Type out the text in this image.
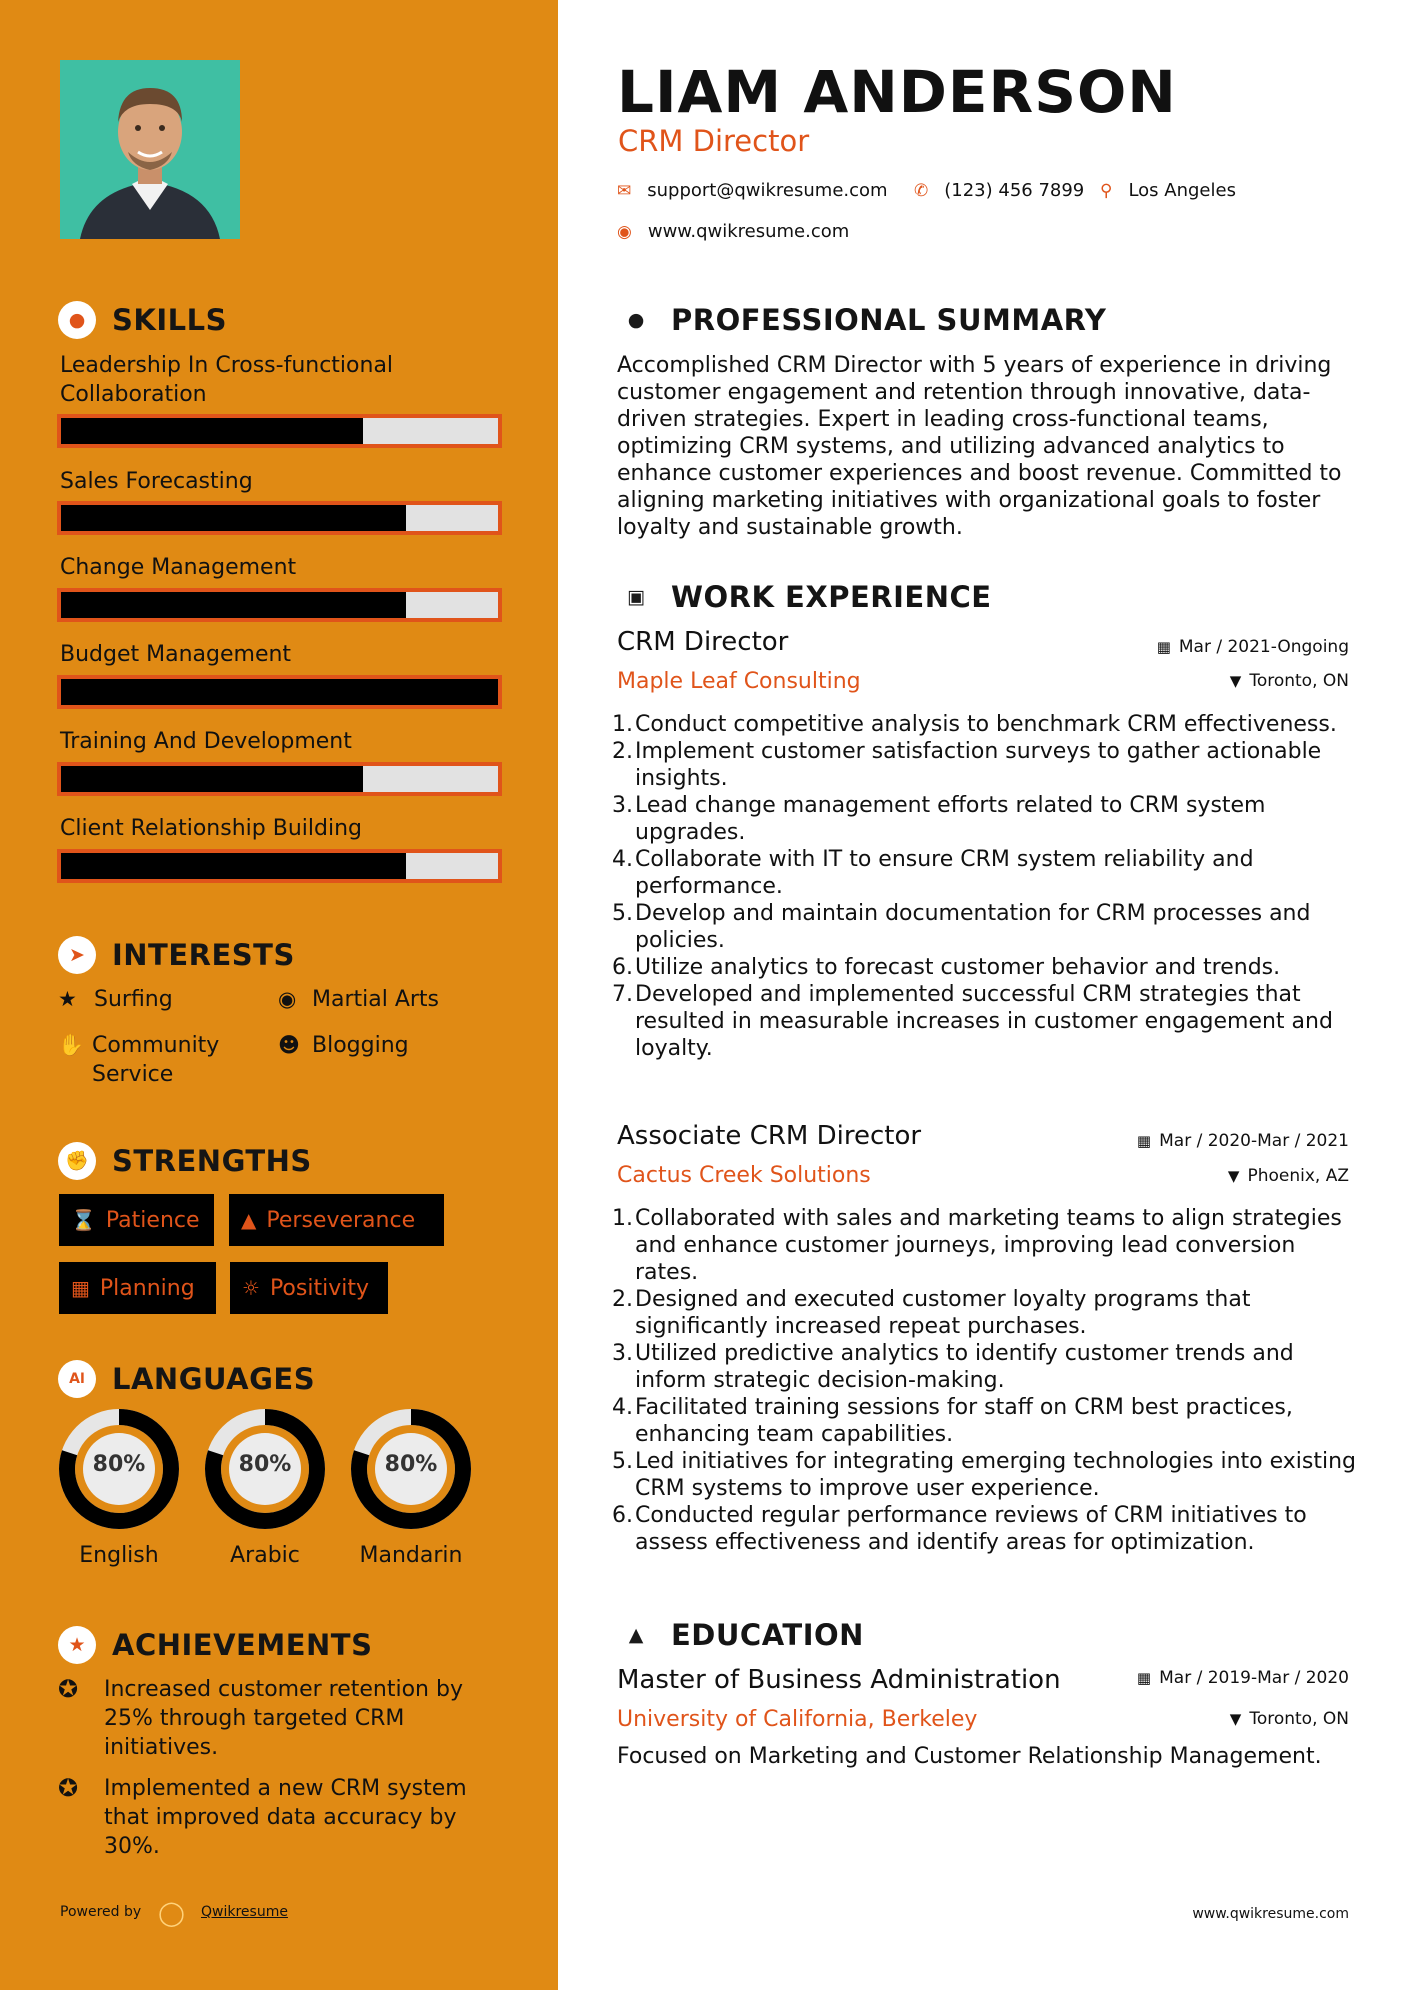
● SKILLS
Leadership In Cross-functional Collaboration
Sales Forecasting
Change Management
Budget Management
Training And Development
Client Relationship Building
➤ INTERESTS
★ Surfing	◉ Martial Arts
✋ Community Service
☻ Blogging
✊ STRENGTHS
⌛ Patience ▲ Perseverance
▦ Planning ☼ Positivity
Aا LANGUAGES
80%	80%	80%
English	Arabic	Mandarin
★ ACHIEVEMENTS
✪ Increased customer retention by 25% through targeted CRM initiatives.
✪ Implemented a new CRM system that improved data accuracy by 30%.
Powered by ◯ Qwikresume
LIAM ANDERSON
CRM Director
✉ support@qwikresume.com ✆ (123) 456 7899 ⚲ Los Angeles
◉ www.qwikresume.com
● PROFESSIONAL SUMMARY
Accomplished CRM Director with 5 years of experience in driving customer engagement and retention through innovative, data-driven strategies. Expert in leading cross-functional teams, optimizing CRM systems, and utilizing advanced analytics to enhance customer experiences and boost revenue. Committed to aligning marketing initiatives with organizational goals to foster loyalty and sustainable growth.
▣ WORK EXPERIENCE
CRM Director
Maple Leaf Consulting
▦ Mar / 2021-Ongoing
▼ Toronto, ON
Conduct competitive analysis to benchmark CRM effectiveness.
Implement customer satisfaction surveys to gather actionable insights.
Lead change management efforts related to CRM system upgrades.
Collaborate with IT to ensure CRM system reliability and performance.
Develop and maintain documentation for CRM processes and policies.
Utilize analytics to forecast customer behavior and trends.
Developed and implemented successful CRM strategies that resulted in measurable increases in customer engagement and loyalty.
Associate CRM Director
Cactus Creek Solutions
▦ Mar / 2020-Mar / 2021
▼ Phoenix, AZ
Collaborated with sales and marketing teams to align strategies and enhance customer journeys, improving lead conversion rates.
Designed and executed customer loyalty programs that significantly increased repeat purchases.
Utilized predictive analytics to identify customer trends and inform strategic decision-making.
Facilitated training sessions for staff on CRM best practices, enhancing team capabilities.
Led initiatives for integrating emerging technologies into existing CRM systems to improve user experience.
Conducted regular performance reviews of CRM initiatives to assess effectiveness and identify areas for optimization.
▲ EDUCATION
Master of Business Administration
University of California, Berkeley
▦ Mar / 2019-Mar / 2020
▼ Toronto, ON
Focused on Marketing and Customer Relationship Management.
www.qwikresume.com
